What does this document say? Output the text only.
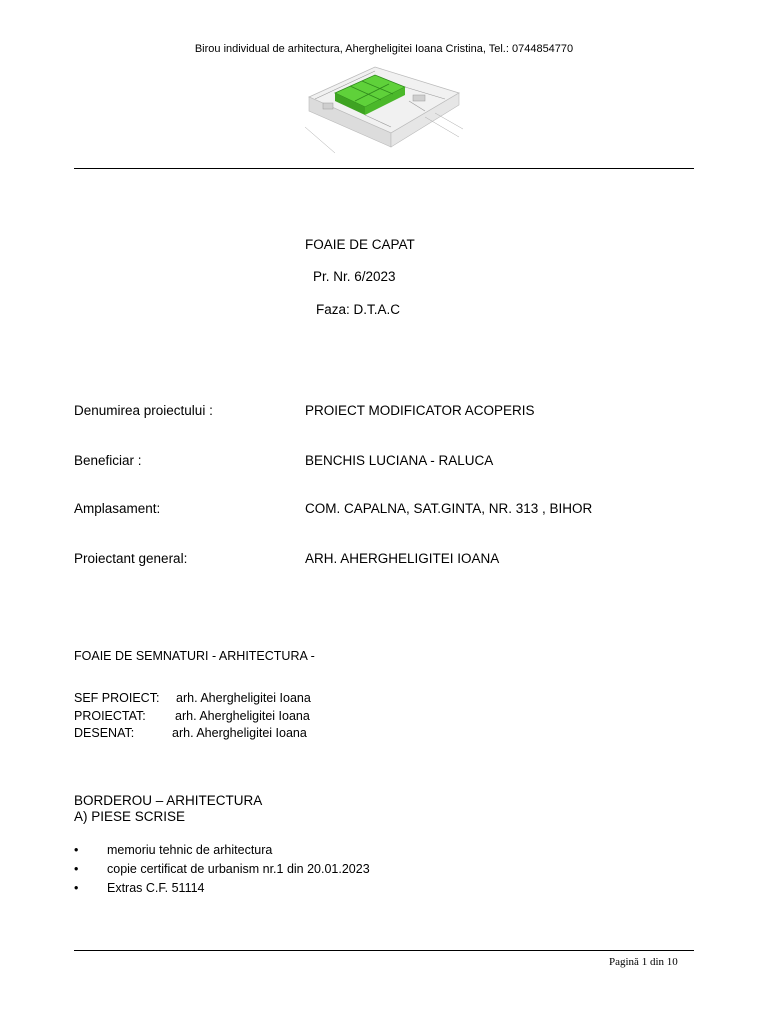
Birou individual de arhitectura, Ahergheligitei Ioana Cristina, Tel.: 0744854770
FOAIE DE CAPAT
Pr. Nr. 6/2023
Faza: D.T.A.C
Denumirea proiectului :	PROIECT MODIFICATOR ACOPERIS
Beneficiar :	BENCHIS LUCIANA - RALUCA
Amplasament:	COM. CAPALNA, SAT.GINTA, NR. 313 , BIHOR
Proiectant general:	ARH. AHERGHELIGITEI IOANA
FOAIE DE SEMNATURI - ARHITECTURA -
SEF PROIECT: arh. Ahergheligitei Ioana
PROIECTAT: arh. Ahergheligitei Ioana
DESENAT:	arh. Ahergheligitei Ioana
BORDEROU – ARHITECTURA
A) PIESE SCRISE
•	memoriu tehnic de arhitectura
•	copie certificat de urbanism nr.1 din 20.01.2023
•	Extras C.F. 51114
Pagină 1 din 10
